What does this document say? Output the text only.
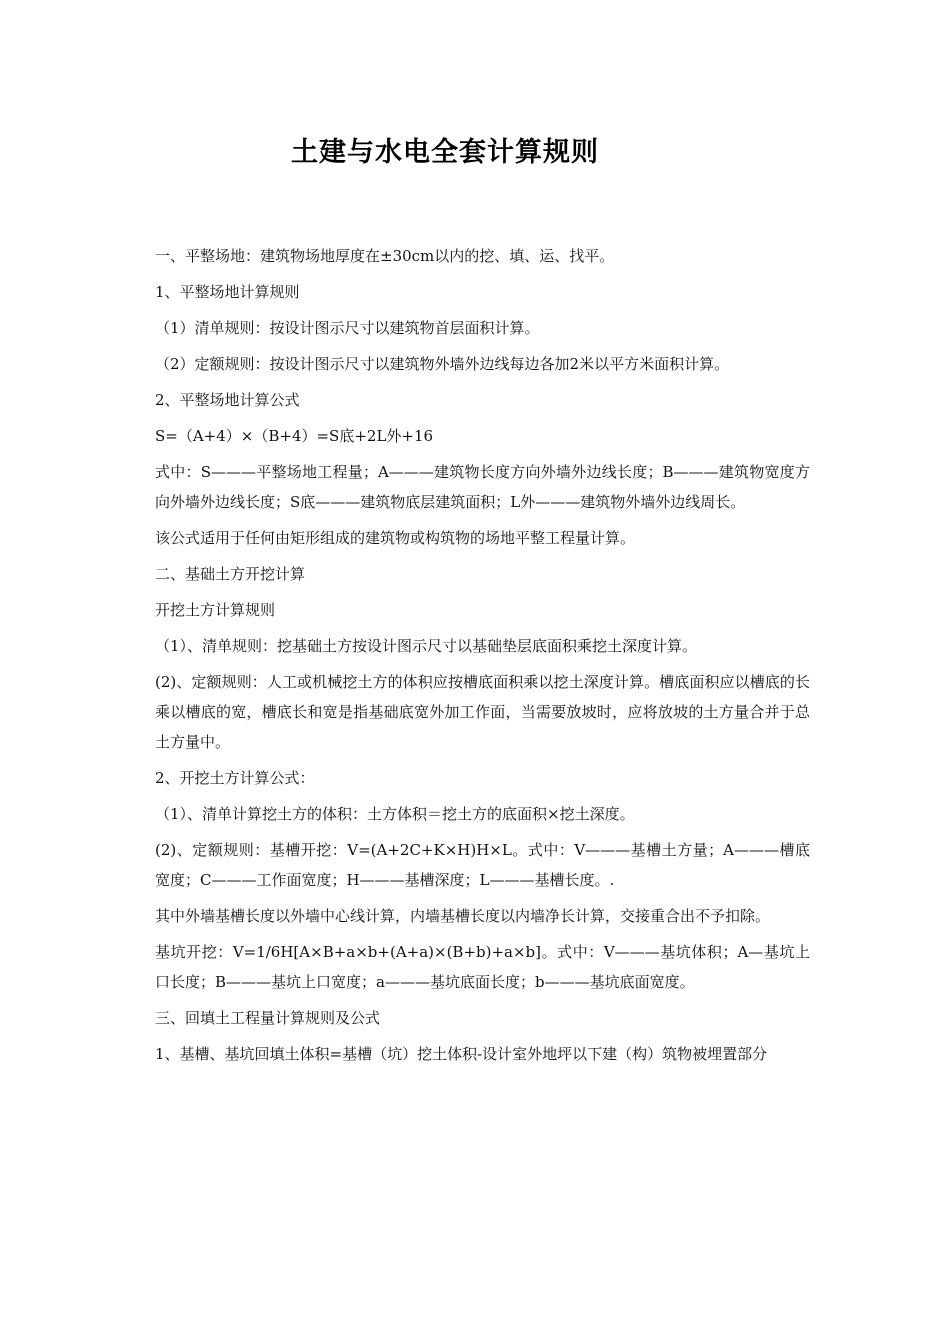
土建与水电全套计算规则

一、平整场地：建筑物场地厚度在±30cm以内的挖、填、运、找平。

1、平整场地计算规则

（1）清单规则：按设计图示尺寸以建筑物首层面积计算。

（2）定额规则：按设计图示尺寸以建筑物外墙外边线每边各加2米以平方米面积计算。

2、平整场地计算公式

S=（A+4）×（B+4）=S底+2L外+16

式中：S———平整场地工程量；A———建筑物长度方向外墙外边线长度；B———建筑物宽度方向外墙外边线长度；S底———建筑物底层建筑面积；L外———建筑物外墙外边线周长。

该公式适用于任何由矩形组成的建筑物或构筑物的场地平整工程量计算。

二、基础土方开挖计算

开挖土方计算规则

（1）、清单规则：挖基础土方按设计图示尺寸以基础垫层底面积乘挖土深度计算。

(2)、定额规则：人工或机械挖土方的体积应按槽底面积乘以挖土深度计算。槽底面积应以槽底的长乘以槽底的宽，槽底长和宽是指基础底宽外加工作面，当需要放坡时，应将放坡的土方量合并于总土方量中。

2、开挖土方计算公式：

（1）、清单计算挖土方的体积：土方体积＝挖土方的底面积×挖土深度。

(2)、定额规则：基槽开挖：V=(A+2C+K×H)H×L。式中：V———基槽土方量；A———槽底宽度；C———工作面宽度；H———基槽深度；L———基槽长度。.

其中外墙基槽长度以外墙中心线计算，内墙基槽长度以内墙净长计算，交接重合出不予扣除。

基坑开挖：V=1/6H[A×B+a×b+(A+a)×(B+b)+a×b]。式中：V———基坑体积；A—基坑上口长度；B———基坑上口宽度；a———基坑底面长度；b———基坑底面宽度。

三、回填土工程量计算规则及公式

1、基槽、基坑回填土体积=基槽（坑）挖土体积-设计室外地坪以下建（构）筑物被埋置部分
